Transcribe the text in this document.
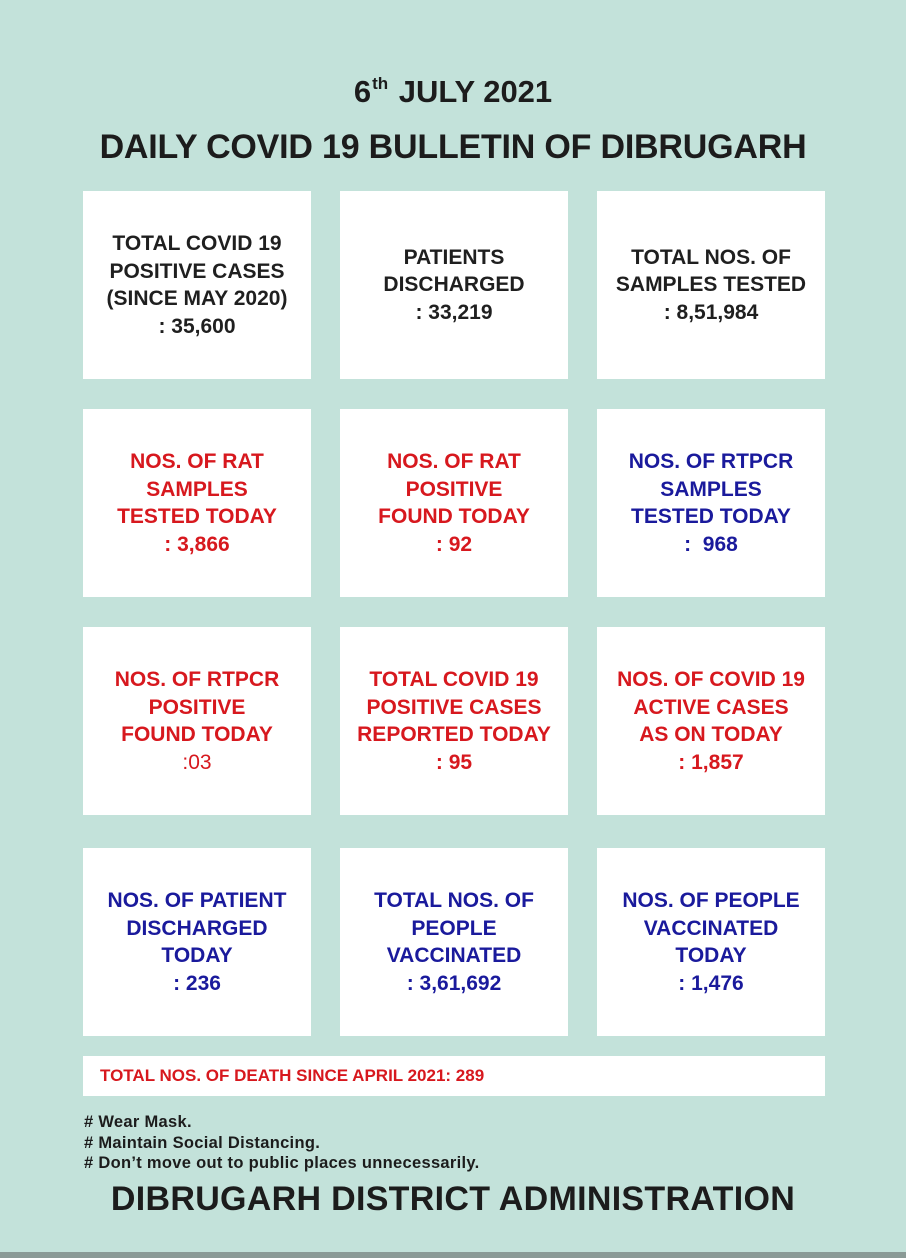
6th JULY 2021
DAILY COVID 19 BULLETIN OF DIBRUGARH
TOTAL COVID 19
POSITIVE CASES
(SINCE MAY 2020)
: 35,600
PATIENTS
DISCHARGED
: 33,219
TOTAL NOS. OF
SAMPLES TESTED
: 8,51,984
NOS. OF RAT
SAMPLES
TESTED TODAY
: 3,866
NOS. OF RAT
POSITIVE
FOUND TODAY
: 92
NOS. OF RTPCR
SAMPLES
TESTED TODAY
:  968
NOS. OF RTPCR
POSITIVE
FOUND TODAY
:03
TOTAL COVID 19
POSITIVE CASES
REPORTED TODAY
: 95
NOS. OF COVID 19
ACTIVE CASES
AS ON TODAY
: 1,857
NOS. OF PATIENT
DISCHARGED
TODAY
: 236
TOTAL NOS. OF
PEOPLE
VACCINATED
: 3,61,692
NOS. OF PEOPLE
VACCINATED
TODAY
: 1,476
TOTAL NOS. OF DEATH SINCE APRIL 2021: 289
# Wear Mask.
# Maintain Social Distancing.
# Don’t move out to public places unnecessarily.
DIBRUGARH DISTRICT ADMINISTRATION
